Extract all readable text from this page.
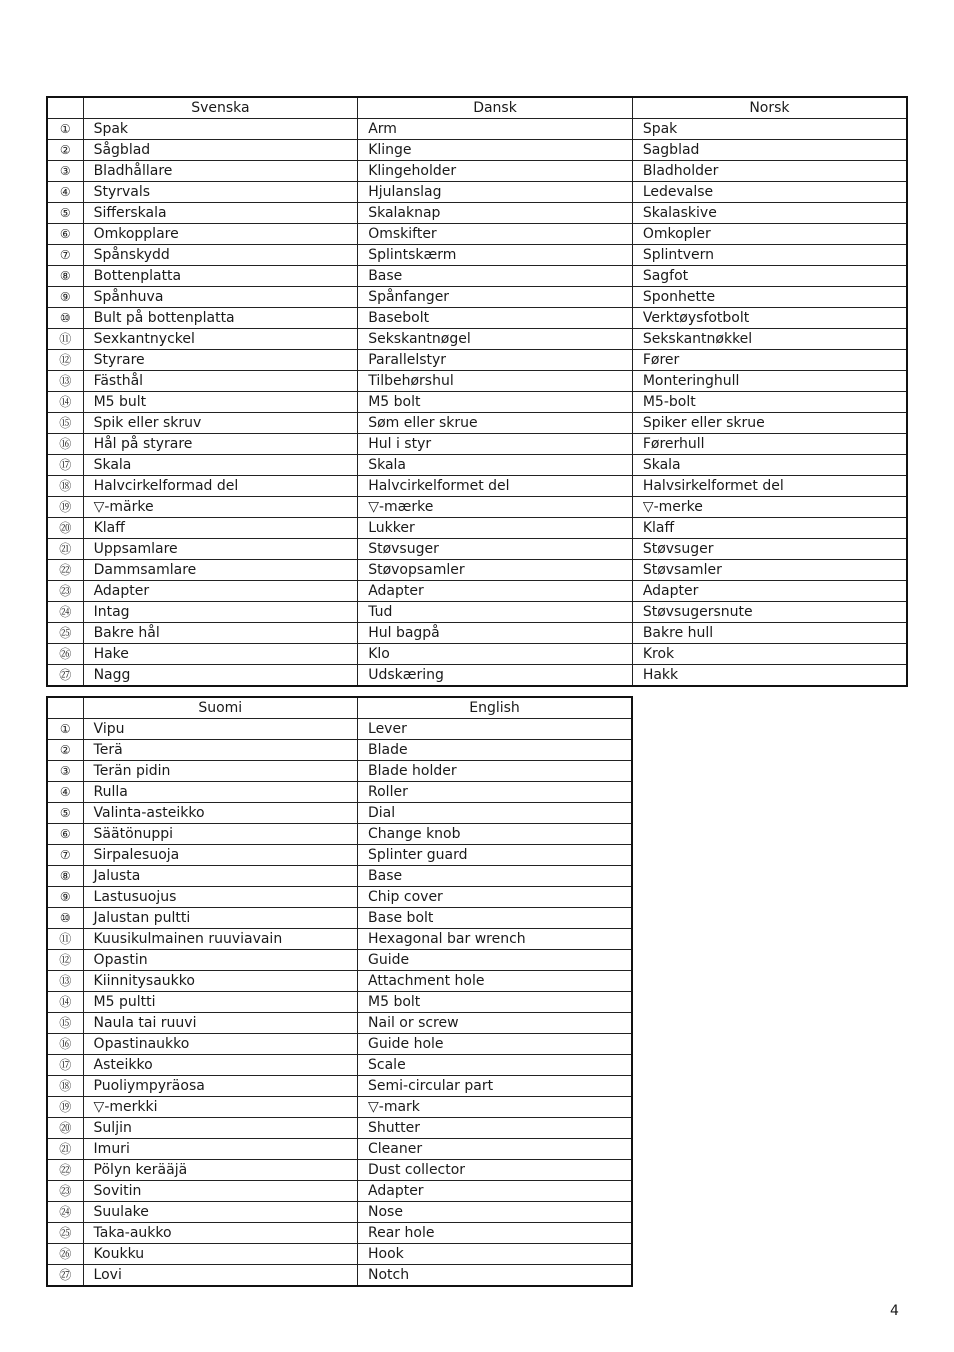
	Svenska	Dansk	Norsk
①	Spak	Arm	Spak
②	Sågblad	Klinge	Sagblad
③	Bladhållare	Klingeholder	Bladholder
④	Styrvals	Hjulanslag	Ledevalse
⑤	Sifferskala	Skalaknap	Skalaskive
⑥	Omkopplare	Omskifter	Omkopler
⑦	Spånskydd	Splintskærm	Splintvern
⑧	Bottenplatta	Base	Sagfot
⑨	Spånhuva	Spånfanger	Sponhette
⑩	Bult på bottenplatta	Basebolt	Verktøysfotbolt
⑪	Sexkantnyckel	Sekskantnøgel	Sekskantnøkkel
⑫	Styrare	Parallelstyr	Fører
⑬	Fästhål	Tilbehørshul	Monteringhull
⑭	M5 bult	M5 bolt	M5-bolt
⑮	Spik eller skruv	Søm eller skrue	Spiker eller skrue
⑯	Hål på styrare	Hul i styr	Førerhull
⑰	Skala	Skala	Skala
⑱	Halvcirkelformad del	Halvcirkelformet del	Halvsirkelformet del
⑲	▽-märke	▽-mærke	▽-merke
⑳	Klaff	Lukker	Klaff
㉑	Uppsamlare	Støvsuger	Støvsuger
㉒	Dammsamlare	Støvopsamler	Støvsamler
㉓	Adapter	Adapter	Adapter
㉔	Intag	Tud	Støvsugersnute
㉕	Bakre hål	Hul bagpå	Bakre hull
㉖	Hake	Klo	Krok
㉗	Nagg	Udskæring	Hakk
	Suomi	English
①	Vipu	Lever
②	Terä	Blade
③	Terän pidin	Blade holder
④	Rulla	Roller
⑤	Valinta-asteikko	Dial
⑥	Säätönuppi	Change knob
⑦	Sirpalesuoja	Splinter guard
⑧	Jalusta	Base
⑨	Lastusuojus	Chip cover
⑩	Jalustan pultti	Base bolt
⑪	Kuusikulmainen ruuviavain	Hexagonal bar wrench
⑫	Opastin	Guide
⑬	Kiinnitysaukko	Attachment hole
⑭	M5 pultti	M5 bolt
⑮	Naula tai ruuvi	Nail or screw
⑯	Opastinaukko	Guide hole
⑰	Asteikko	Scale
⑱	Puoliympyräosa	Semi-circular part
⑲	▽-merkki	▽-mark
⑳	Suljin	Shutter
㉑	Imuri	Cleaner
㉒	Pölyn kerääjä	Dust collector
㉓	Sovitin	Adapter
㉔	Suulake	Nose
㉕	Taka-aukko	Rear hole
㉖	Koukku	Hook
㉗	Lovi	Notch
4
